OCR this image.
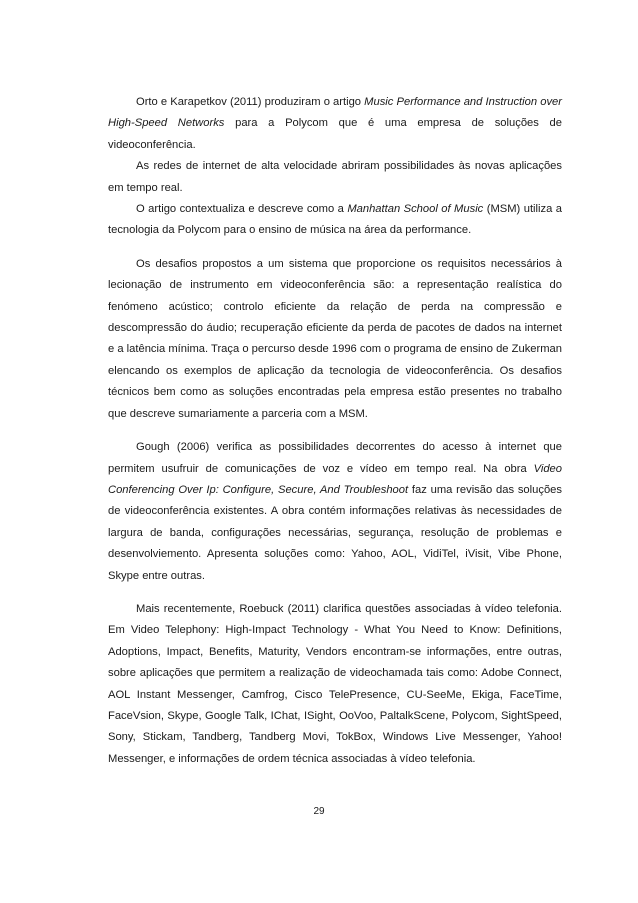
Orto e Karapetkov (2011) produziram o artigo Music Performance and Instruction over High-Speed Networks para a Polycom que é uma empresa de soluções de videoconferência.

As redes de internet de alta velocidade abriram possibilidades às novas aplicações em tempo real.

O artigo contextualiza e descreve como a Manhattan School of Music (MSM) utiliza a tecnologia da Polycom para o ensino de música na área da performance.

Os desafios propostos a um sistema que proporcione os requisitos necessários à lecionação de instrumento em videoconferência são: a representação realística do fenómeno acústico; controlo eficiente da relação de perda na compressão e descompressão do áudio; recuperação eficiente da perda de pacotes de dados na internet e a latência mínima. Traça o percurso desde 1996 com o programa de ensino de Zukerman elencando os exemplos de aplicação da tecnologia de videoconferência. Os desafios técnicos bem como as soluções encontradas pela empresa estão presentes no trabalho que descreve sumariamente a parceria com a MSM.

Gough (2006) verifica as possibilidades decorrentes do acesso à internet que permitem usufruir de comunicações de voz e vídeo em tempo real. Na obra Video Conferencing Over Ip: Configure, Secure, And Troubleshoot faz uma revisão das soluções de videoconferência existentes. A obra contém informações relativas às necessidades de largura de banda, configurações necessárias, segurança, resolução de problemas e desenvolviemento. Apresenta soluções como: Yahoo, AOL, VidiTel, iVisit, Vibe Phone, Skype entre outras.

Mais recentemente, Roebuck (2011) clarifica questões associadas à vídeo telefonia. Em Video Telephony: High-Impact Technology - What You Need to Know: Definitions, Adoptions, Impact, Benefits, Maturity, Vendors encontram-se informações, entre outras, sobre aplicações que permitem a realização de videochamada tais como: Adobe Connect, AOL Instant Messenger, Camfrog, Cisco TelePresence, CU-SeeMe, Ekiga, FaceTime, FaceVsion, Skype, Google Talk, IChat, ISight, OoVoo, PaltalkScene, Polycom, SightSpeed, Sony, Stickam, Tandberg, Tandberg Movi, TokBox, Windows Live Messenger, Yahoo! Messenger, e informações de ordem técnica associadas à vídeo telefonia.

29
